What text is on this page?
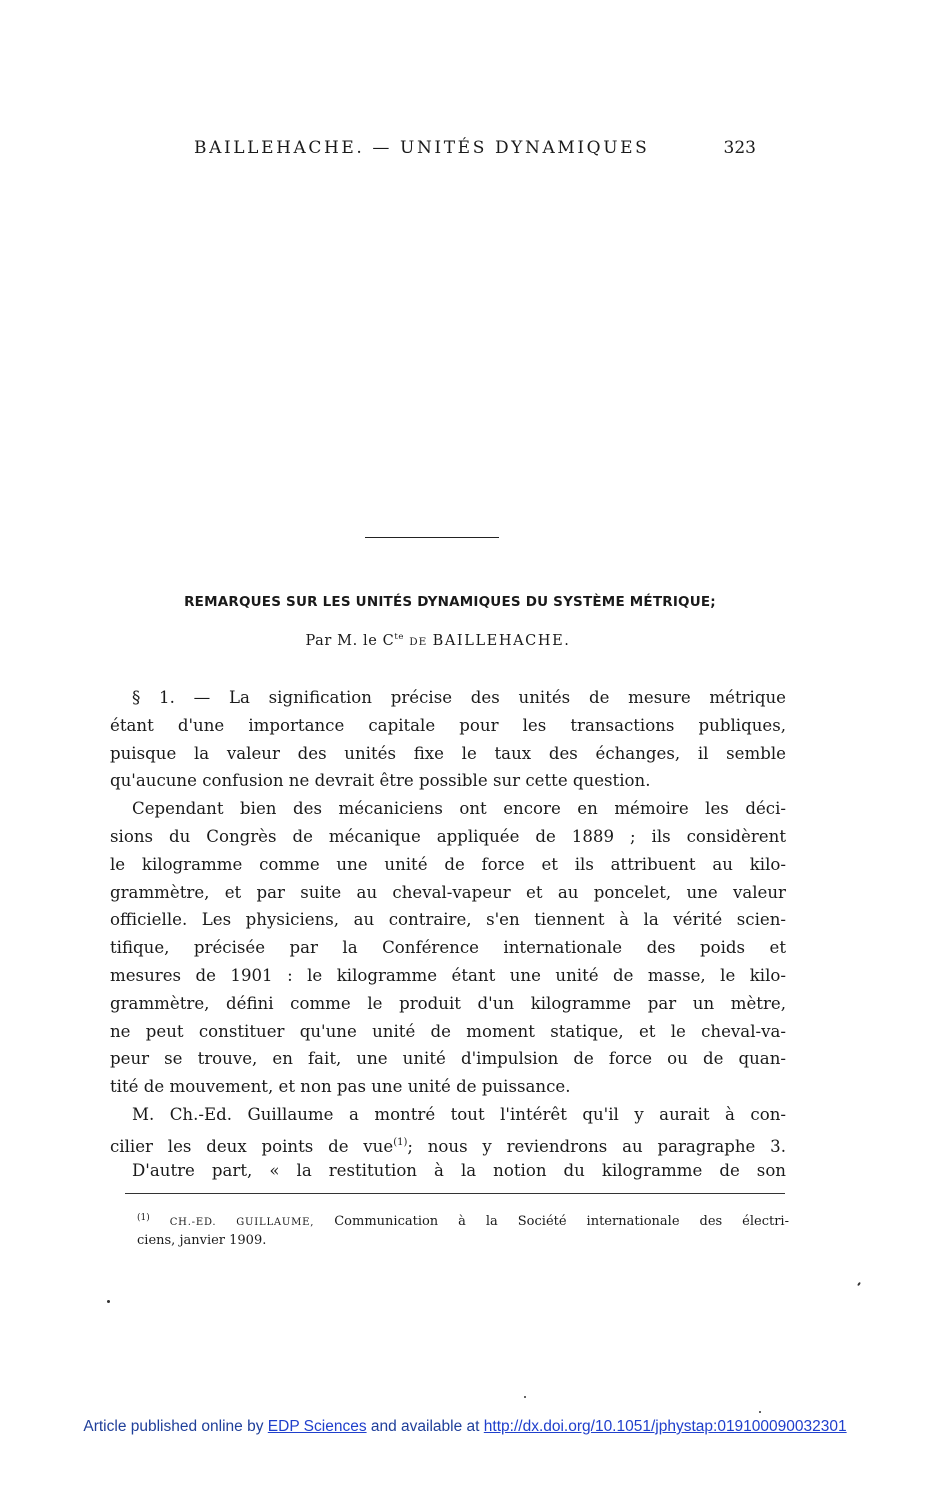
BAILLEHACHE. — UNITÉS DYNAMIQUES	323
REMARQUES SUR LES UNITÉS DYNAMIQUES DU SYSTÈME MÉTRIQUE;
Par M. le $C^{te}$ DE BAILLEHACHE.
§ 1. — La signification précise des unités de mesure métrique
étant d'une importance capitale pour les transactions publiques,
puisque la valeur des unités fixe le taux des échanges, il semble
qu'aucune confusion ne devrait être possible sur cette question.
Cependant bien des mécaniciens ont encore en mémoire les déci-
sions du Congrès de mécanique appliquée de 1889 ; ils considèrent
le kilogramme comme une unité de force et ils attribuent au kilo-
grammètre, et par suite au cheval-vapeur et au poncelet, une valeur
officielle. Les physiciens, au contraire, s'en tiennent à la vérité scien-
tifique, précisée par la Conférence internationale des poids et
mesures de 1901 : le kilogramme étant une unité de masse, le kilo-
grammètre, défini comme le produit d'un kilogramme par un mètre,
ne peut constituer qu'une unité de moment statique, et le cheval-va-
peur se trouve, en fait, une unité d'impulsion de force ou de quan-
tité de mouvement, et non pas une unité de puissance.
M. Ch.-Ed. Guillaume a montré tout l'intérêt qu'il y aurait à con-
cilier les deux points de vue$^{(1)}$; nous y reviendrons au paragraphe 3.
D'autre part, « la restitution à la notion du kilogramme de son
$^{(1)}$ CH.-ED. GUILLAUME, Communication à la Société internationale des électri-
ciens, janvier 1909.
Article published online by EDP Sciences and available at http://dx.doi.org/10.1051/jphystap:019100090032301
